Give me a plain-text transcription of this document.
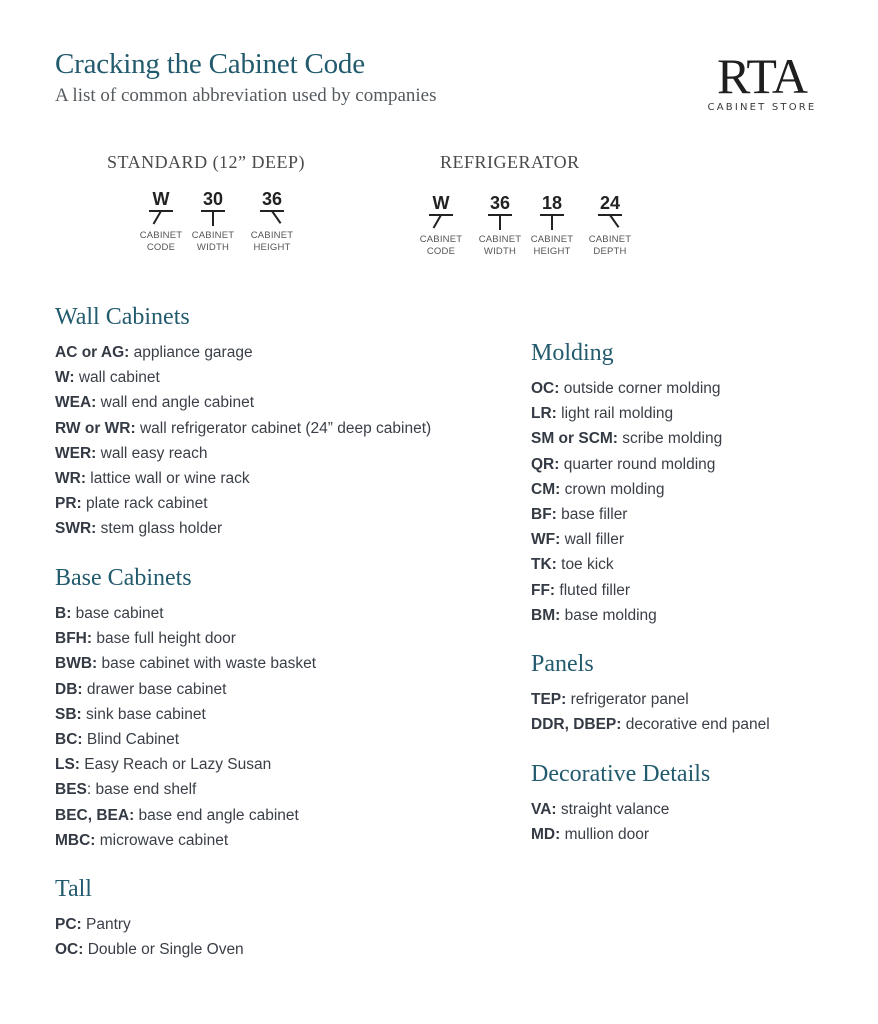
Cracking the Cabinet Code
A list of common abbreviation used by companies	RTA
CABINET STORE
STANDARD (12” DEEP)
W
CABINET
CODE
30
CABINET
WIDTH
36
CABINET
HEIGHT
REFRIGERATOR
W
CABINET
CODE
36
CABINET
WIDTH
18
CABINET
HEIGHT
24
CABINET
DEPTH
Wall Cabinets
AC or AG: appliance garage
W: wall cabinet
WEA: wall end angle cabinet
RW or WR: wall refrigerator cabinet (24” deep cabinet)
WER: wall easy reach
WR: lattice wall or wine rack
PR: plate rack cabinet
SWR: stem glass holder
Base Cabinets
B: base cabinet
BFH: base full height door
BWB: base cabinet with waste basket
DB: drawer base cabinet
SB: sink base cabinet
BC: Blind Cabinet
LS: Easy Reach or Lazy Susan
BES: base end shelf
BEC, BEA: base end angle cabinet
MBC: microwave cabinet
Tall
PC: Pantry
OC: Double or Single Oven
Molding
OC: outside corner molding
LR: light rail molding
SM or SCM: scribe molding
QR: quarter round molding
CM: crown molding
BF: base filler
WF: wall filler
TK: toe kick
FF: fluted filler
BM: base molding
Panels
TEP: refrigerator panel
DDR, DBEP: decorative end panel
Decorative Details
VA: straight valance
MD: mullion door
